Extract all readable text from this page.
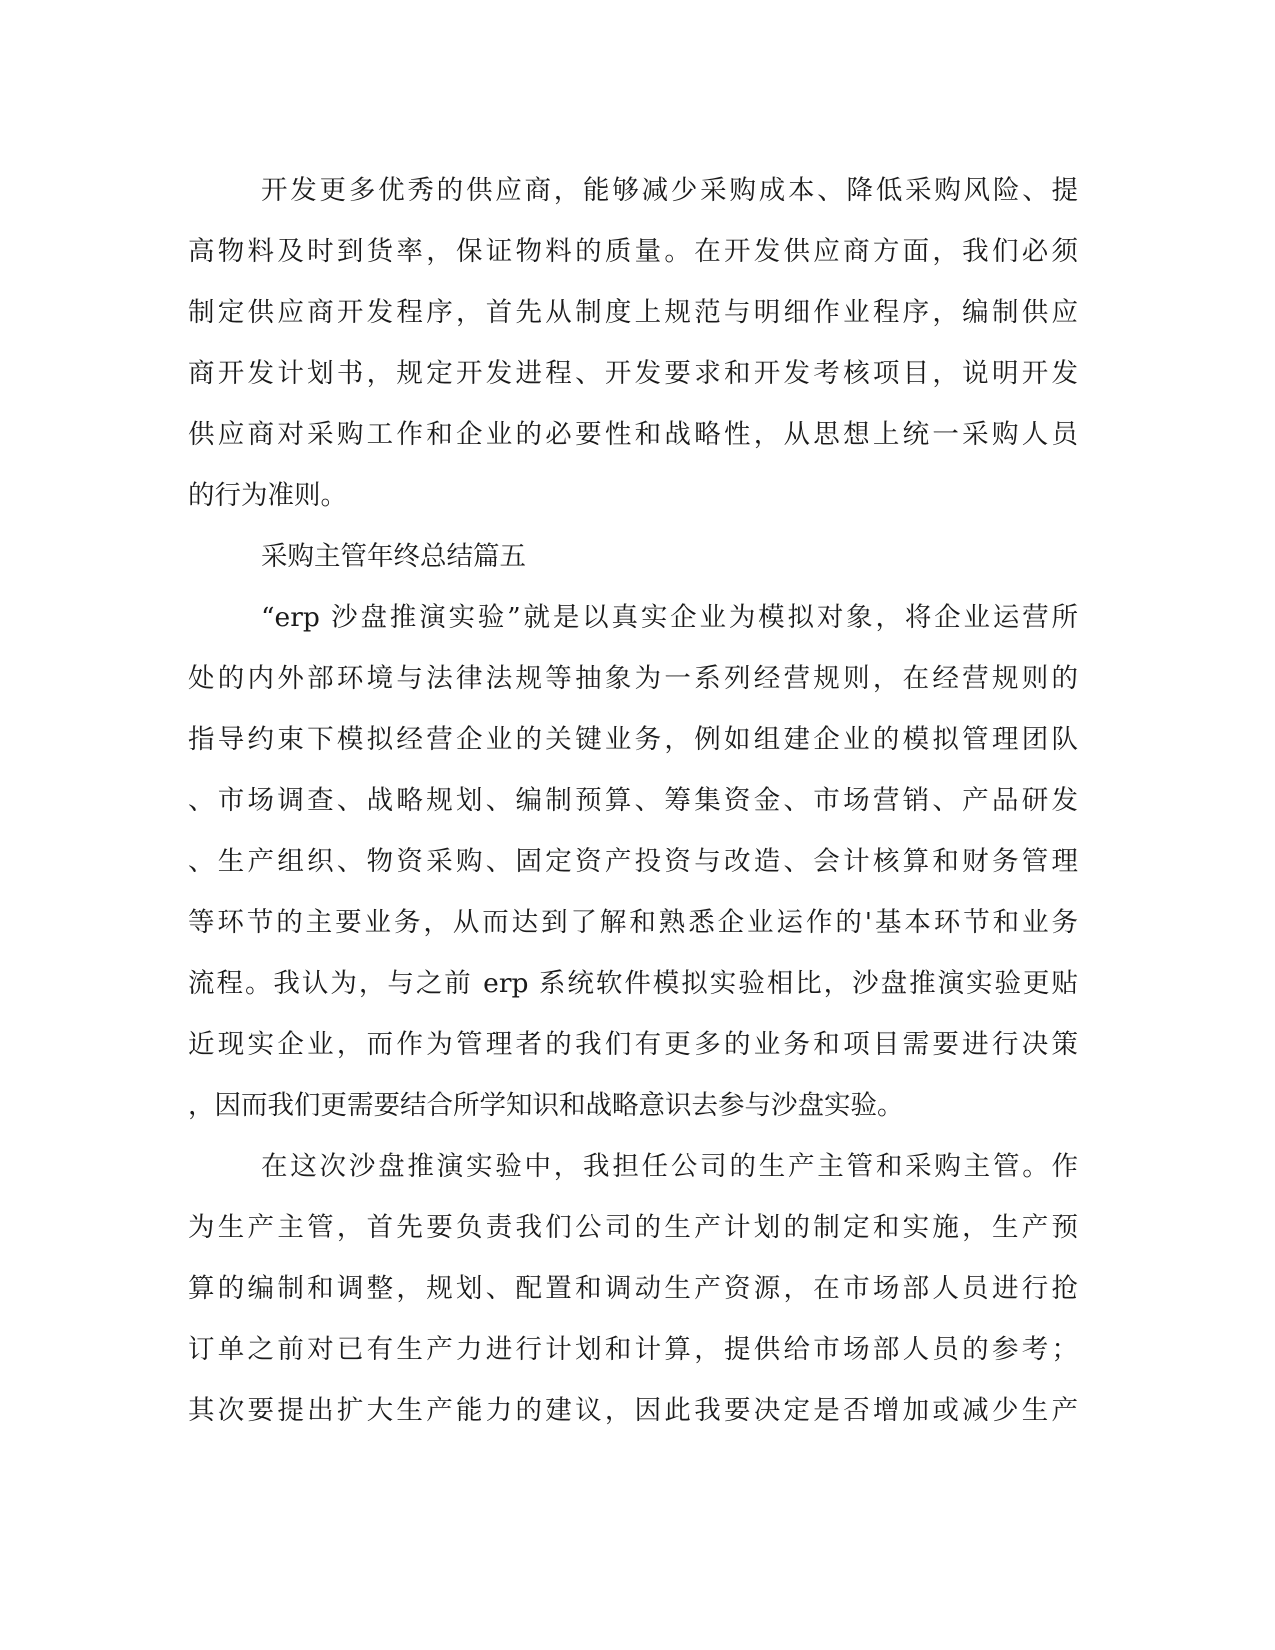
开发更多优秀的供应商，能够减少采购成本、降低采购风险、提
高物料及时到货率，保证物料的质量。在开发供应商方面，我们必须
制定供应商开发程序，首先从制度上规范与明细作业程序，编制供应
商开发计划书，规定开发进程、开发要求和开发考核项目，说明开发
供应商对采购工作和企业的必要性和战略性，从思想上统一采购人员
的行为准则。
采购主管年终总结篇五
“erp 沙盘推演实验”就是以真实企业为模拟对象，将企业运营所
处的内外部环境与法律法规等抽象为一系列经营规则，在经营规则的
指导约束下模拟经营企业的关键业务，例如组建企业的模拟管理团队
、市场调查、战略规划、编制预算、筹集资金、市场营销、产品研发
、生产组织、物资采购、固定资产投资与改造、会计核算和财务管理
等环节的主要业务，从而达到了解和熟悉企业运作的'基本环节和业务
流程。我认为，与之前 erp 系统软件模拟实验相比，沙盘推演实验更贴
近现实企业，而作为管理者的我们有更多的业务和项目需要进行决策
，因而我们更需要结合所学知识和战略意识去参与沙盘实验。
在这次沙盘推演实验中，我担任公司的生产主管和采购主管。作
为生产主管，首先要负责我们公司的生产计划的制定和实施，生产预
算的编制和调整，规划、配置和调动生产资源，在市场部人员进行抢
订单之前对已有生产力进行计划和计算，提供给市场部人员的参考；
其次要提出扩大生产能力的建议，因此我要决定是否增加或减少生产
